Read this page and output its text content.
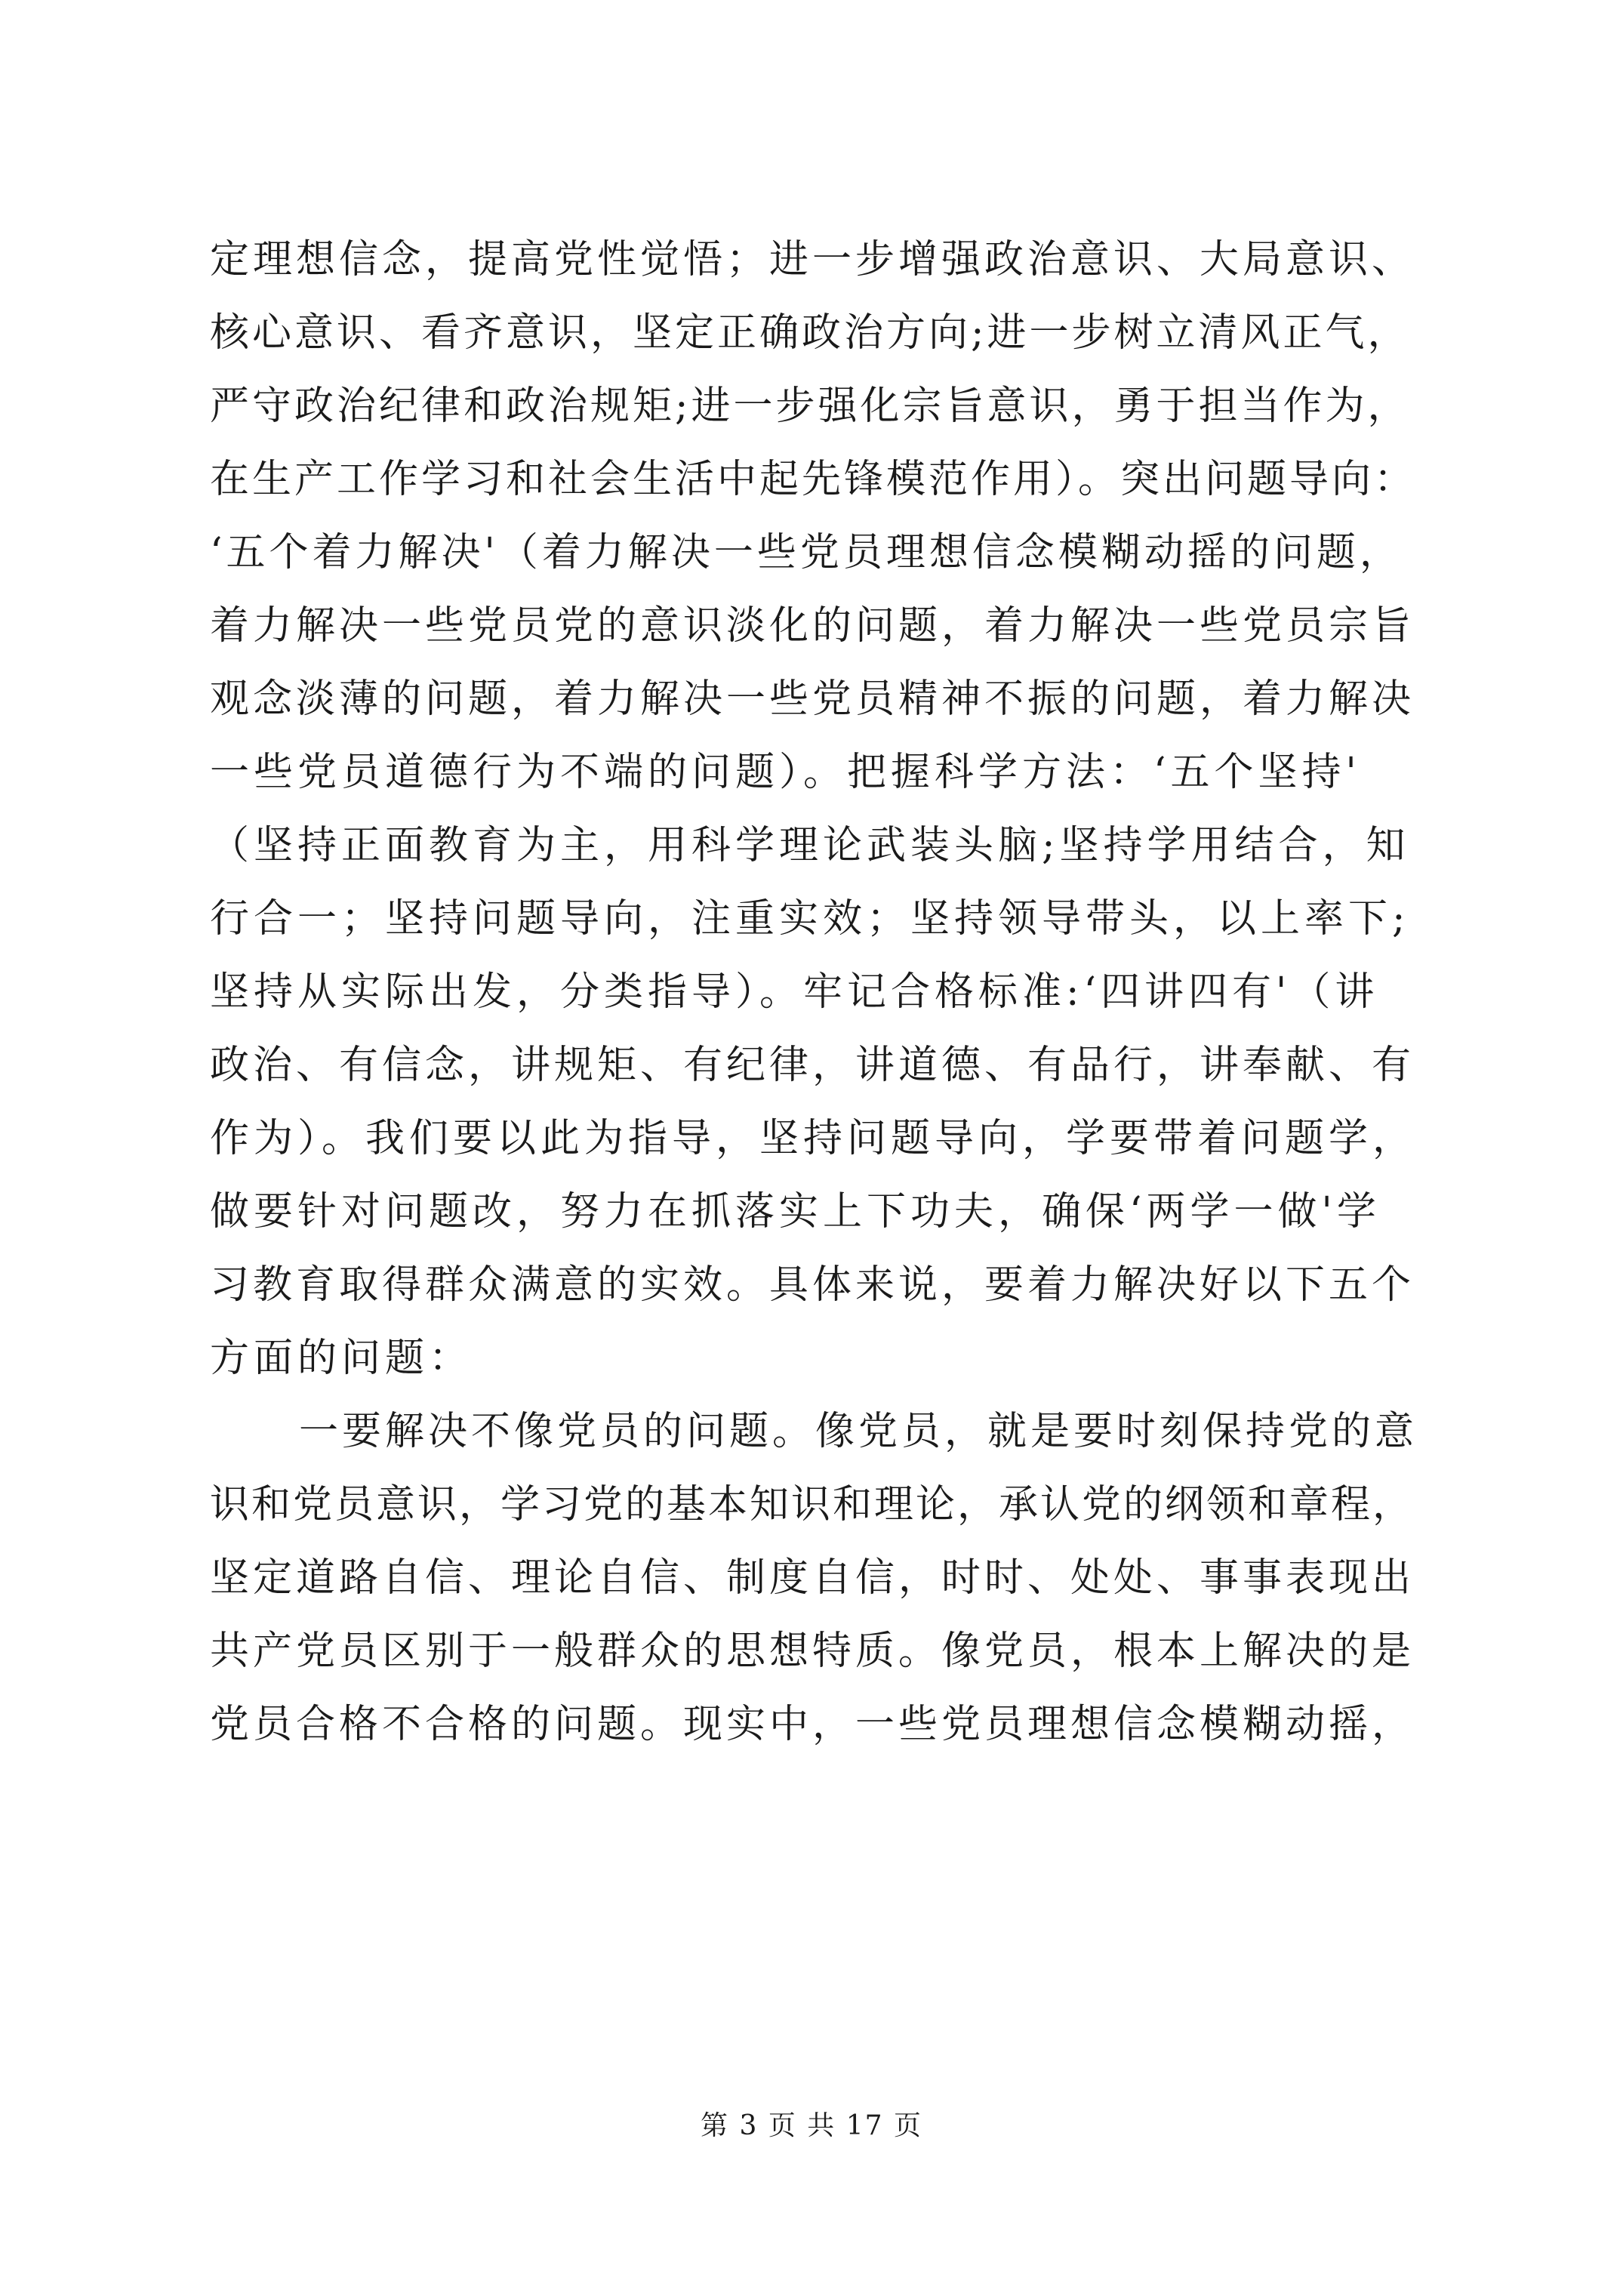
定理想信念，提高党性觉悟；进一步增强政治意识、大局意识、
核心意识、看齐意识，坚定正确政治方向;进一步树立清风正气，
严守政治纪律和政治规矩;进一步强化宗旨意识，勇于担当作为，
在生产工作学习和社会生活中起先锋模范作用）。突出问题导向：
‘五个着力解决'（着力解决一些党员理想信念模糊动摇的问题，
着力解决一些党员党的意识淡化的问题，着力解决一些党员宗旨
观念淡薄的问题，着力解决一些党员精神不振的问题，着力解决
一些党员道德行为不端的问题）。把握科学方法：‘五个坚持'
（坚持正面教育为主，用科学理论武装头脑;坚持学用结合，知
行合一；坚持问题导向，注重实效；坚持领导带头，以上率下;
坚持从实际出发，分类指导）。牢记合格标准:‘四讲四有'（讲
政治、有信念，讲规矩、有纪律，讲道德、有品行，讲奉献、有
作为）。我们要以此为指导，坚持问题导向，学要带着问题学，
做要针对问题改，努力在抓落实上下功夫，确保‘两学一做'学
习教育取得群众满意的实效。具体来说，要着力解决好以下五个
方面的问题：
一要解决不像党员的问题。像党员，就是要时刻保持党的意
识和党员意识，学习党的基本知识和理论，承认党的纲领和章程，
坚定道路自信、理论自信、制度自信，时时、处处、事事表现出
共产党员区别于一般群众的思想特质。像党员，根本上解决的是
党员合格不合格的问题。现实中，一些党员理想信念模糊动摇，
第 3 页 共 17 页
